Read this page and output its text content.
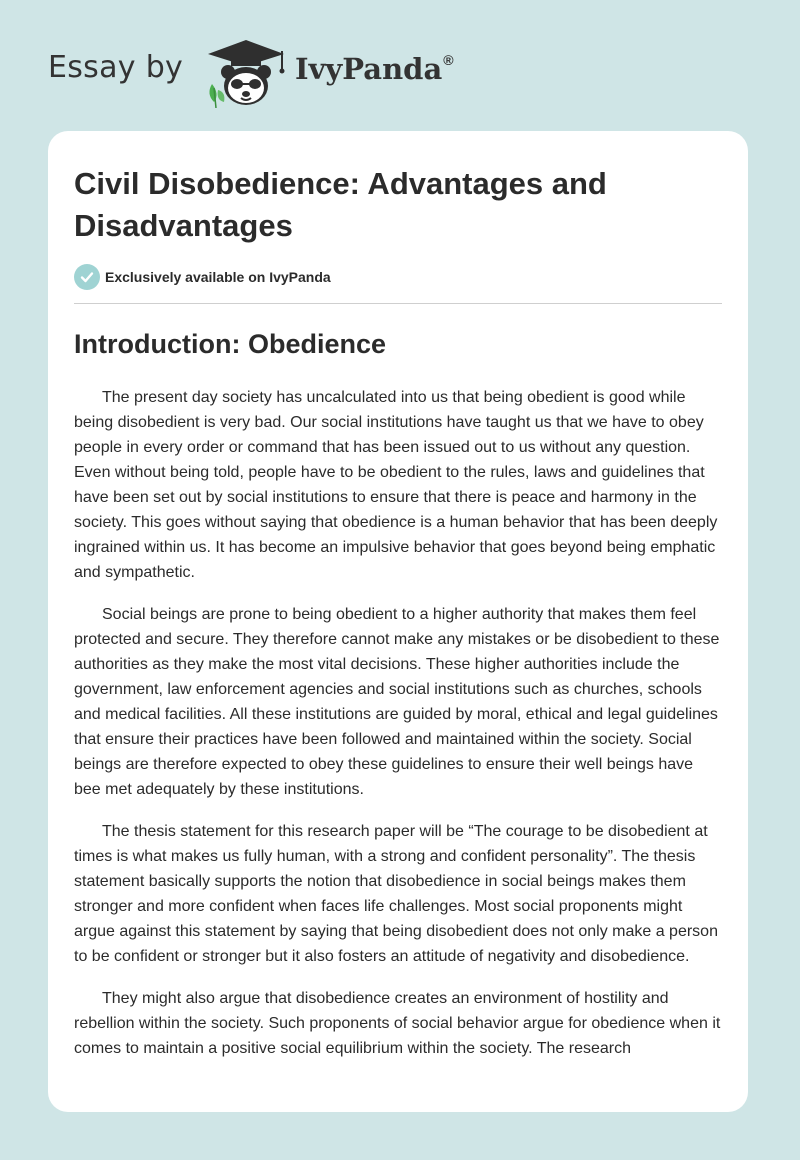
Essay by	IvyPanda®
Civil Disobedience: Advantages and Disadvantages
Exclusively available on IvyPanda
Introduction: Obedience

The present day society has uncalculated into us that being obedient is good while being disobedient is very bad. Our social institutions have taught us that we have to obey people in every order or command that has been issued out to us without any question. Even without being told, people have to be obedient to the rules, laws and guidelines that have been set out by social institutions to ensure that there is peace and harmony in the society. This goes without saying that obedience is a human behavior that has been deeply ingrained within us. It has become an impulsive behavior that goes beyond being emphatic and sympathetic.

Social beings are prone to being obedient to a higher authority that makes them feel protected and secure. They therefore cannot make any mistakes or be disobedient to these authorities as they make the most vital decisions. These higher authorities include the government, law enforcement agencies and social institutions such as churches, schools and medical facilities. All these institutions are guided by moral, ethical and legal guidelines that ensure their practices have been followed and maintained within the society. Social beings are therefore expected to obey these guidelines to ensure their well beings have bee met adequately by these institutions.

The thesis statement for this research paper will be “The courage to be disobedient at times is what makes us fully human, with a strong and confident personality”. The thesis statement basically supports the notion that disobedience in social beings makes them stronger and more confident when faces life challenges. Most social proponents might argue against this statement by saying that being disobedient does not only make a person to be confident or stronger but it also fosters an attitude of negativity and disobedience.

They might also argue that disobedience creates an environment of hostility and rebellion within the society. Such proponents of social behavior argue for obedience when it comes to maintain a positive social equilibrium within the society. The research
